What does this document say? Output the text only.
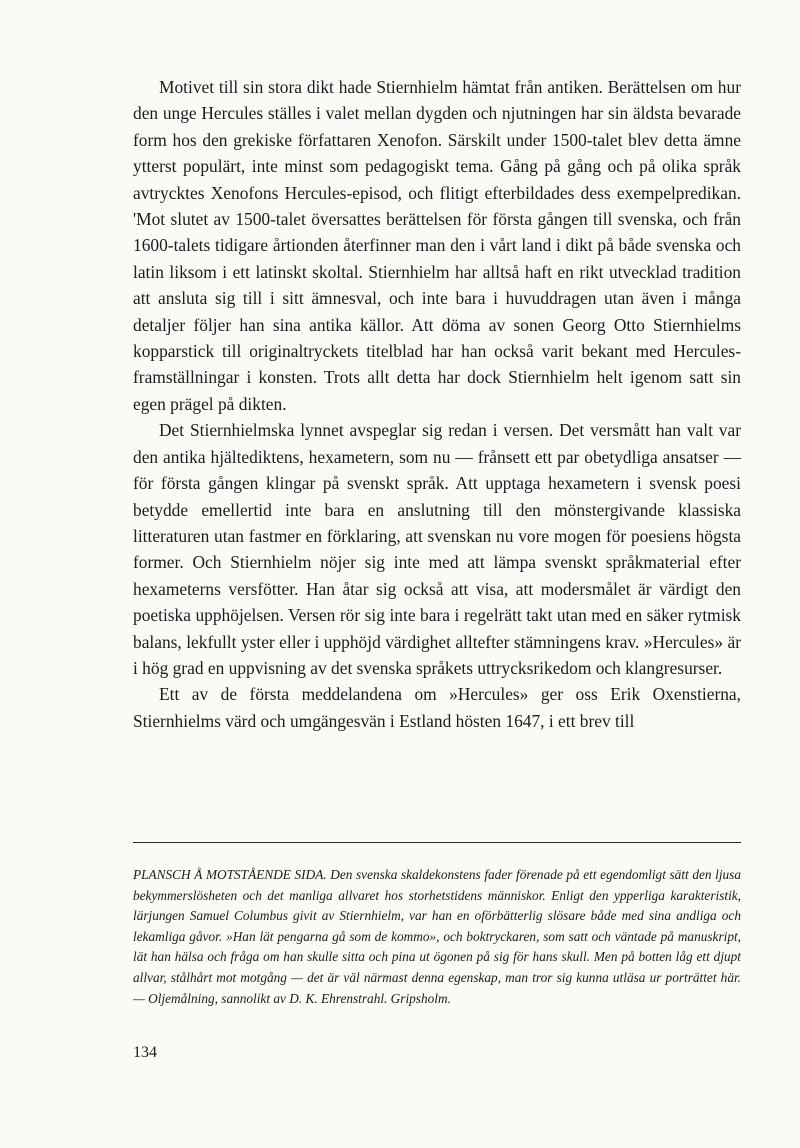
Motivet till sin stora dikt hade Stiernhielm hämtat från antiken. Berättelsen om hur den unge Hercules ställes i valet mellan dygden och njutningen har sin äldsta bevarade form hos den grekiske författaren Xenofon. Särskilt under 1500-talet blev detta ämne ytterst populärt, inte minst som pedagogiskt tema. Gång på gång och på olika språk avtrycktes Xenofons Hercules-episod, och flitigt efterbildades dess exempelpredikan. 'Mot slutet av 1500-talet översattes berättelsen för första gången till svenska, och från 1600-talets tidigare årtionden återfinner man den i vårt land i dikt på både svenska och latin liksom i ett latinskt skoltal. Stiernhielm har alltså haft en rikt utvecklad tradition att ansluta sig till i sitt ämnesval, och inte bara i huvuddragen utan även i många detaljer följer han sina antika källor. Att döma av sonen Georg Otto Stiernhielms kopparstick till originaltryckets titelblad har han också varit bekant med Hercules-framställningar i konsten. Trots allt detta har dock Stiernhielm helt igenom satt sin egen prägel på dikten.

Det Stiernhielmska lynnet avspeglar sig redan i versen. Det versmått han valt var den antika hjältediktens, hexametern, som nu — frånsett ett par obetydliga ansatser — för första gången klingar på svenskt språk. Att upptaga hexametern i svensk poesi betydde emellertid inte bara en anslutning till den mönstergivande klassiska litteraturen utan fastmer en förklaring, att svenskan nu vore mogen för poesiens högsta former. Och Stiernhielm nöjer sig inte med att lämpa svenskt språkmaterial efter hexameterns versfötter. Han åtar sig också att visa, att modersmålet är värdigt den poetiska upphöjelsen. Versen rör sig inte bara i regelrätt takt utan med en säker rytmisk balans, lekfullt yster eller i upphöjd värdighet alltefter stämningens krav. »Hercules» är i hög grad en uppvisning av det svenska språkets uttrycksrikedom och klangresurser.

Ett av de första meddelandena om »Hercules» ger oss Erik Oxenstierna, Stiernhielms värd och umgängesvän i Estland hösten 1647, i ett brev till

PLANSCH Å MOTSTÅENDE SIDA. Den svenska skaldekonstens fader förenade på ett egendomligt sätt den ljusa bekymmerslösheten och det manliga allvaret hos storhetstidens människor. Enligt den ypperliga karakteristik, lärjungen Samuel Columbus givit av Stiernhielm, var han en oförbätterlig slösare både med sina andliga och lekamliga gåvor. »Han lät pengarna gå som de kommo», och boktryckaren, som satt och väntade på manuskript, lät han hälsa och fråga om han skulle sitta och pina ut ögonen på sig för hans skull. Men på botten låg ett djupt allvar, stålhårt mot motgång — det är väl närmast denna egenskap, man tror sig kunna utläsa ur porträttet här. — Oljemålning, sannolikt av D. K. Ehrenstrahl. Gripsholm.

134
